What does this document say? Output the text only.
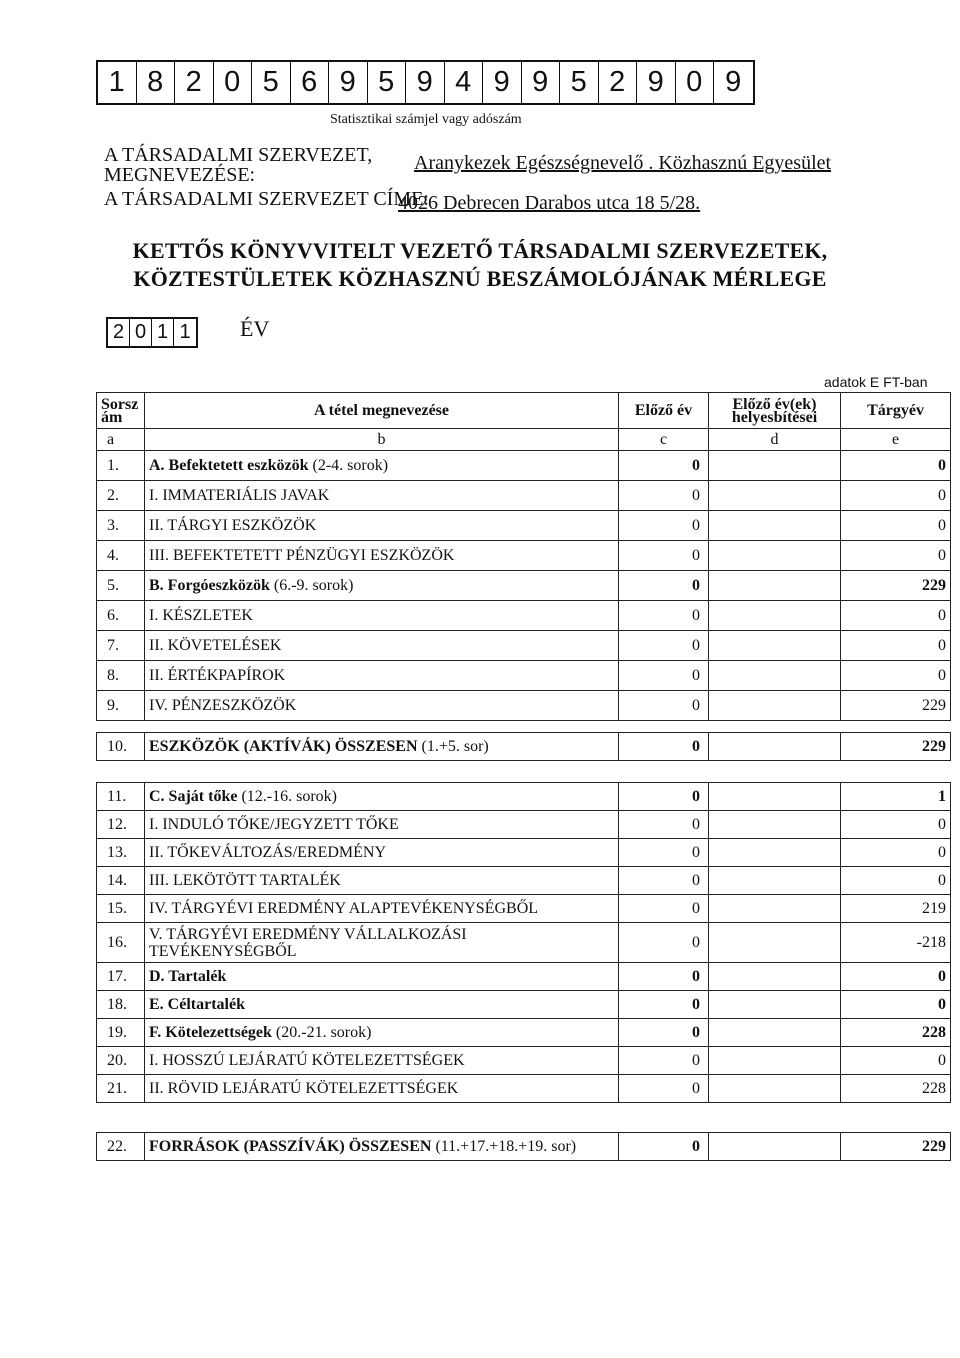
1 8 2 0 5 6 9 5 9 4 9 9 5 2 9 0 9
Statisztikai számjel vagy adószám
A TÁRSADALMI SZERVEZET,
MEGNEVEZÉSE:
Aranykezek Egészségnevelő . Közhasznú Egyesület
A TÁRSADALMI SZERVEZET CÍME:
4026 Debrecen Darabos utca 18 5/28.
KETTŐS KÖNYVVITELT VEZETŐ TÁRSADALMI SZERVEZETEK,
KÖZTESTÜLETEK KÖZHASZNÚ BESZÁMOLÓJÁNAK MÉRLEGE
2 0 1 1 ÉV
adatok E FT-ban
Sorsz ám	A tétel megnevezése	Előző év	Előző év(ek) helyesbítései	Tárgyév
a	b	c	d	e
1.	A. Befektetett eszközök (2-4. sorok)	0		0
2.	I. IMMATERIÁLIS JAVAK	0		0
3.	II. TÁRGYI ESZKÖZÖK	0		0
4.	III. BEFEKTETETT PÉNZÜGYI ESZKÖZÖK	0		0
5.	B. Forgóeszközök (6.-9. sorok)	0		229
6.	I. KÉSZLETEK	0		0
7.	II. KÖVETELÉSEK	0		0
8.	II. ÉRTÉKPAPÍROK	0		0
9.	IV. PÉNZESZKÖZÖK	0		229
10.	ESZKÖZÖK (AKTÍVÁK) ÖSSZESEN (1.+5. sor)	0		229
11.	C. Saját tőke (12.-16. sorok)	0		1
12.	I. INDULÓ TŐKE/JEGYZETT TŐKE	0		0
13.	II. TŐKEVÁLTOZÁS/EREDMÉNY	0		0
14.	III. LEKÖTÖTT TARTALÉK	0		0
15.	IV. TÁRGYÉVI EREDMÉNY ALAPTEVÉKENYSÉGBŐL	0		219
16.	V. TÁRGYÉVI EREDMÉNY VÁLLALKOZÁSI TEVÉKENYSÉGBŐL	0		-218
17.	D. Tartalék	0		0
18.	E. Céltartalék	0		0
19.	F. Kötelezettségek (20.-21. sorok)	0		228
20.	I. HOSSZÚ LEJÁRATÚ KÖTELEZETTSÉGEK	0		0
21.	II. RÖVID LEJÁRATÚ KÖTELEZETTSÉGEK	0		228
22.	FORRÁSOK (PASSZÍVÁK) ÖSSZESEN (11.+17.+18.+19. sor)	0		229
